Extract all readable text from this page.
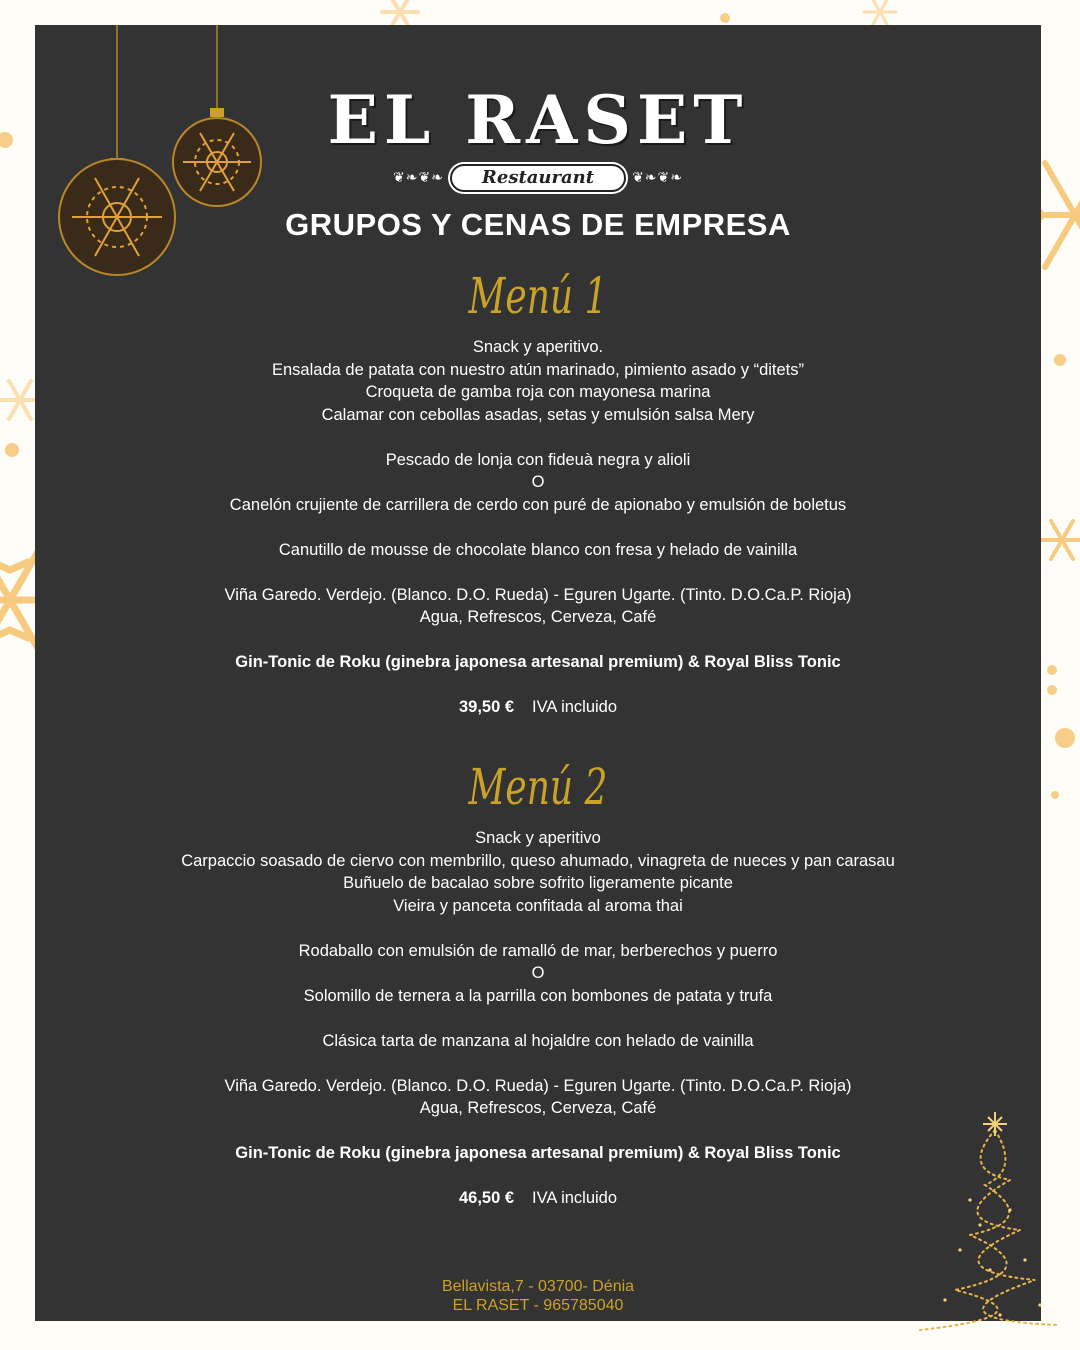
EL RASET
❦❧❦❧	Restaurant	❦❧❦❧
GRUPOS Y CENAS DE EMPRESA
Menú 1
Snack y aperitivo.
Ensalada de patata con nuestro atún marinado, pimiento asado y “ditets”
Croqueta de gamba roja con mayonesa marina
Calamar con cebollas asadas, setas y emulsión salsa Mery
Pescado de lonja con fideuà negra y alioli
O
Canelón crujiente de carrillera de cerdo con puré de apionabo y emulsión de boletus
Canutillo de mousse de chocolate blanco con fresa y helado de vainilla
Viña Garedo. Verdejo. (Blanco. D.O. Rueda) - Eguren Ugarte. (Tinto. D.O.Ca.P. Rioja)
Agua, Refrescos, Cerveza, Café
Gin-Tonic de Roku (ginebra japonesa artesanal premium) & Royal Bliss Tonic
39,50 € IVA incluido
Menú 2
Snack y aperitivo
Carpaccio soasado de ciervo con membrillo, queso ahumado, vinagreta de nueces y pan carasau
Buñuelo de bacalao sobre sofrito ligeramente picante
Vieira y panceta confitada al aroma thai
Rodaballo con emulsión de ramalló de mar, berberechos y puerro
O
Solomillo de ternera a la parrilla con bombones de patata y trufa
Clásica tarta de manzana al hojaldre con helado de vainilla
Viña Garedo. Verdejo. (Blanco. D.O. Rueda) - Eguren Ugarte. (Tinto. D.O.Ca.P. Rioja)
Agua, Refrescos, Cerveza, Café
Gin-Tonic de Roku (ginebra japonesa artesanal premium) & Royal Bliss Tonic
46,50 € IVA incluido
Bellavista,7 - 03700- Dénia
EL RASET - 965785040
